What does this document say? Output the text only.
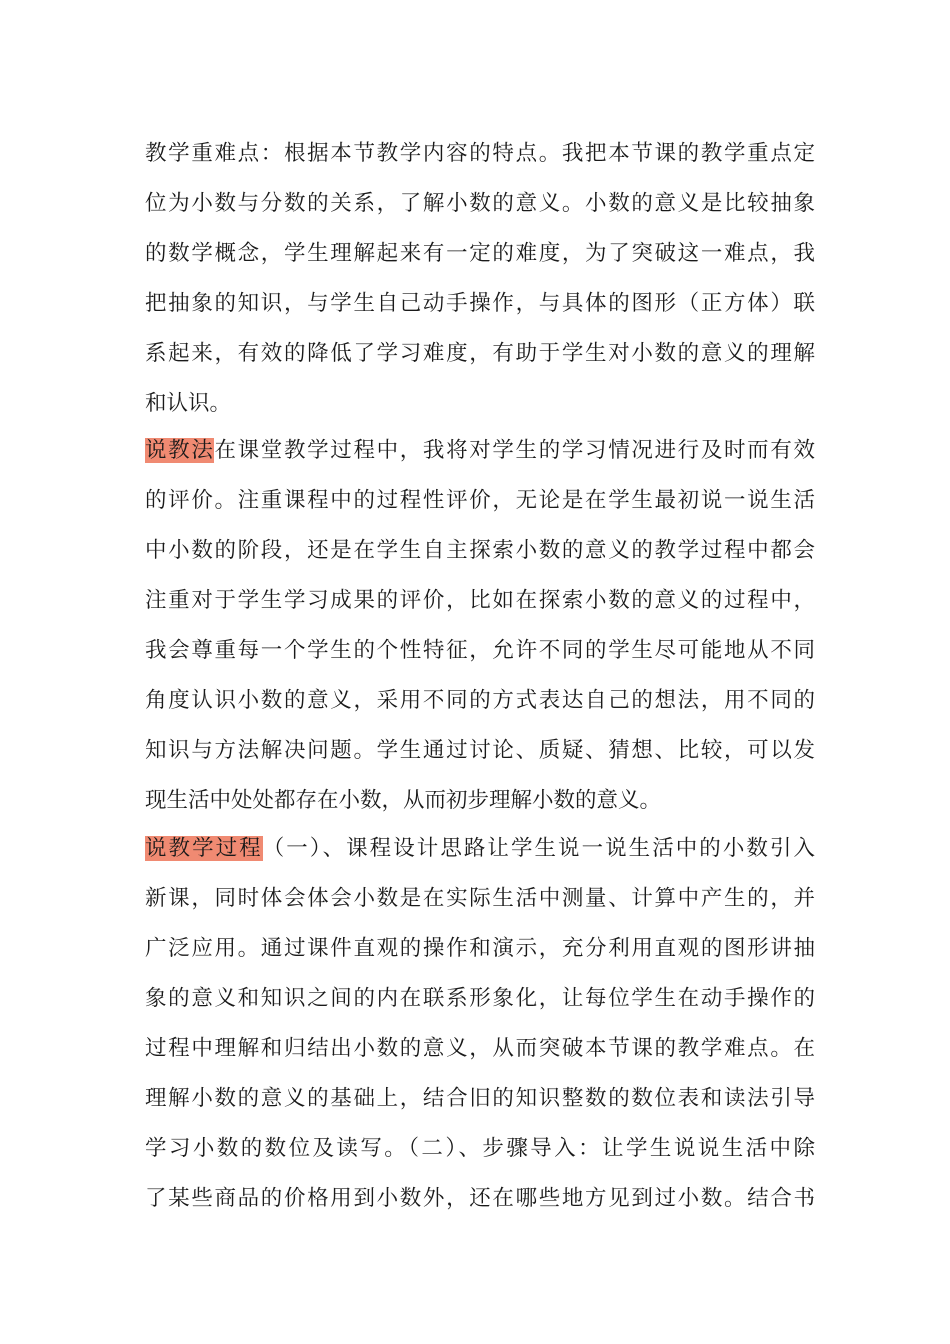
教学重难点：根据本节教学内容的特点。我把本节课的教学重点定
位为小数与分数的关系，了解小数的意义。小数的意义是比较抽象
的数学概念，学生理解起来有一定的难度，为了突破这一难点，我
把抽象的知识，与学生自己动手操作，与具体的图形（正方体）联
系起来，有效的降低了学习难度，有助于学生对小数的意义的理解
和认识。
说教法在课堂教学过程中，我将对学生的学习情况进行及时而有效
的评价。注重课程中的过程性评价，无论是在学生最初说一说生活
中小数的阶段，还是在学生自主探索小数的意义的教学过程中都会
注重对于学生学习成果的评价，比如在探索小数的意义的过程中，
我会尊重每一个学生的个性特征，允许不同的学生尽可能地从不同
角度认识小数的意义，采用不同的方式表达自己的想法，用不同的
知识与方法解决问题。学生通过讨论、质疑、猜想、比较，可以发
现生活中处处都存在小数，从而初步理解小数的意义。
说教学过程（一）、课程设计思路让学生说一说生活中的小数引入
新课，同时体会体会小数是在实际生活中测量、计算中产生的，并
广泛应用。通过课件直观的操作和演示，充分利用直观的图形讲抽
象的意义和知识之间的内在联系形象化，让每位学生在动手操作的
过程中理解和归结出小数的意义，从而突破本节课的教学难点。在
理解小数的意义的基础上，结合旧的知识整数的数位表和读法引导
学习小数的数位及读写。（二）、步骤导入：让学生说说生活中除
了某些商品的价格用到小数外，还在哪些地方见到过小数。结合书
